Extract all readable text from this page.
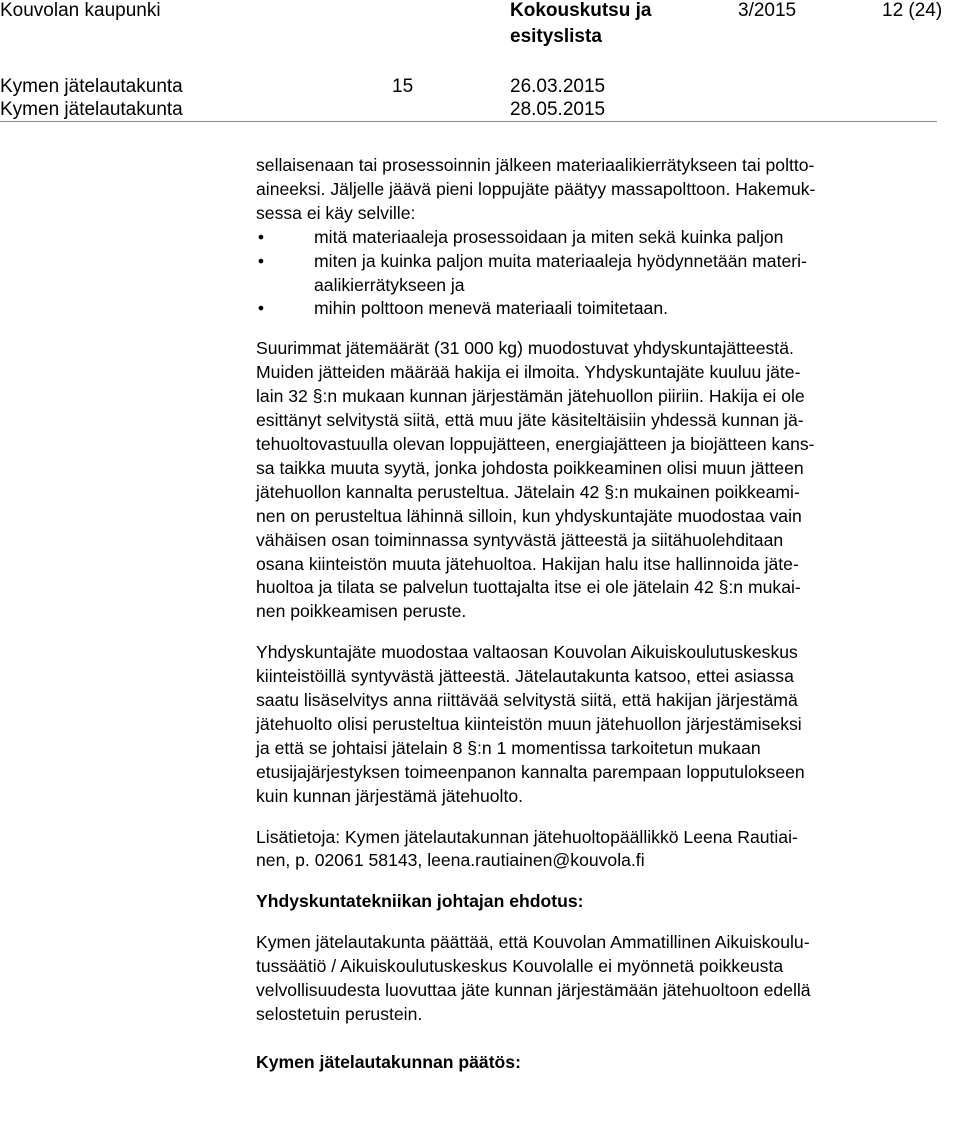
Kouvolan kaupunki	Kokouskutsu ja
esityslista
3/2015	12 (24)
Kymen jätelautakunta	15	26.03.2015
Kymen jätelautakunta	28.05.2015

sellaisenaan tai prosessoinnin jälkeen materiaalikierrätykseen tai poltto-
aineeksi. Jäljelle jäävä pieni loppujäte päätyy massapolttoon. Hakemuk-
sessa ei käy selville:

•	mitä materiaaleja prosessoidaan ja miten sekä kuinka paljon
•	miten ja kuinka paljon muita materiaaleja hyödynnetään materi-
aalikierrätykseen ja
•	mihin polttoon menevä materiaali toimitetaan.

Suurimmat jätemäärät (31 000 kg) muodostuvat yhdyskuntajätteestä.
Muiden jätteiden määrää hakija ei ilmoita. Yhdyskuntajäte kuuluu jäte-
lain 32 §:n mukaan kunnan järjestämän jätehuollon piiriin. Hakija ei ole
esittänyt selvitystä siitä, että muu jäte käsiteltäisiin yhdessä kunnan jä-
tehuoltovastuulla olevan loppujätteen, energiajätteen ja biojätteen kans-
sa taikka muuta syytä, jonka johdosta poikkeaminen olisi muun jätteen
jätehuollon kannalta perusteltua. Jätelain 42 §:n mukainen poikkeami-
nen on perusteltua lähinnä silloin, kun yhdyskuntajäte muodostaa vain
vähäisen osan toiminnassa syntyvästä jätteestä ja siitähuolehditaan
osana kiinteistön muuta jätehuoltoa. Hakijan halu itse hallinnoida jäte-
huoltoa ja tilata se palvelun tuottajalta itse ei ole jätelain 42 §:n mukai-
nen poikkeamisen peruste.

Yhdyskuntajäte muodostaa valtaosan Kouvolan Aikuiskoulutuskeskus
kiinteistöillä syntyvästä jätteestä. Jätelautakunta katsoo, ettei asiassa
saatu lisäselvitys anna riittävää selvitystä siitä, että hakijan järjestämä
jätehuolto olisi perusteltua kiinteistön muun jätehuollon järjestämiseksi
ja että se johtaisi jätelain 8 §:n 1 momentissa tarkoitetun mukaan
etusijajärjestyksen toimeenpanon kannalta parempaan lopputulokseen
kuin kunnan järjestämä jätehuolto.

Lisätietoja: Kymen jätelautakunnan jätehuoltopäällikkö Leena Rautiai-
nen, p. 02061 58143, leena.rautiainen@kouvola.fi

Yhdyskuntatekniikan johtajan ehdotus:

Kymen jätelautakunta päättää, että Kouvolan Ammatillinen Aikuiskoulu-
tussäätiö / Aikuiskoulutuskeskus Kouvolalle ei myönnetä poikkeusta
velvollisuudesta luovuttaa jäte kunnan järjestämään jätehuoltoon edellä
selostetuin perustein.

Kymen jätelautakunnan päätös:
